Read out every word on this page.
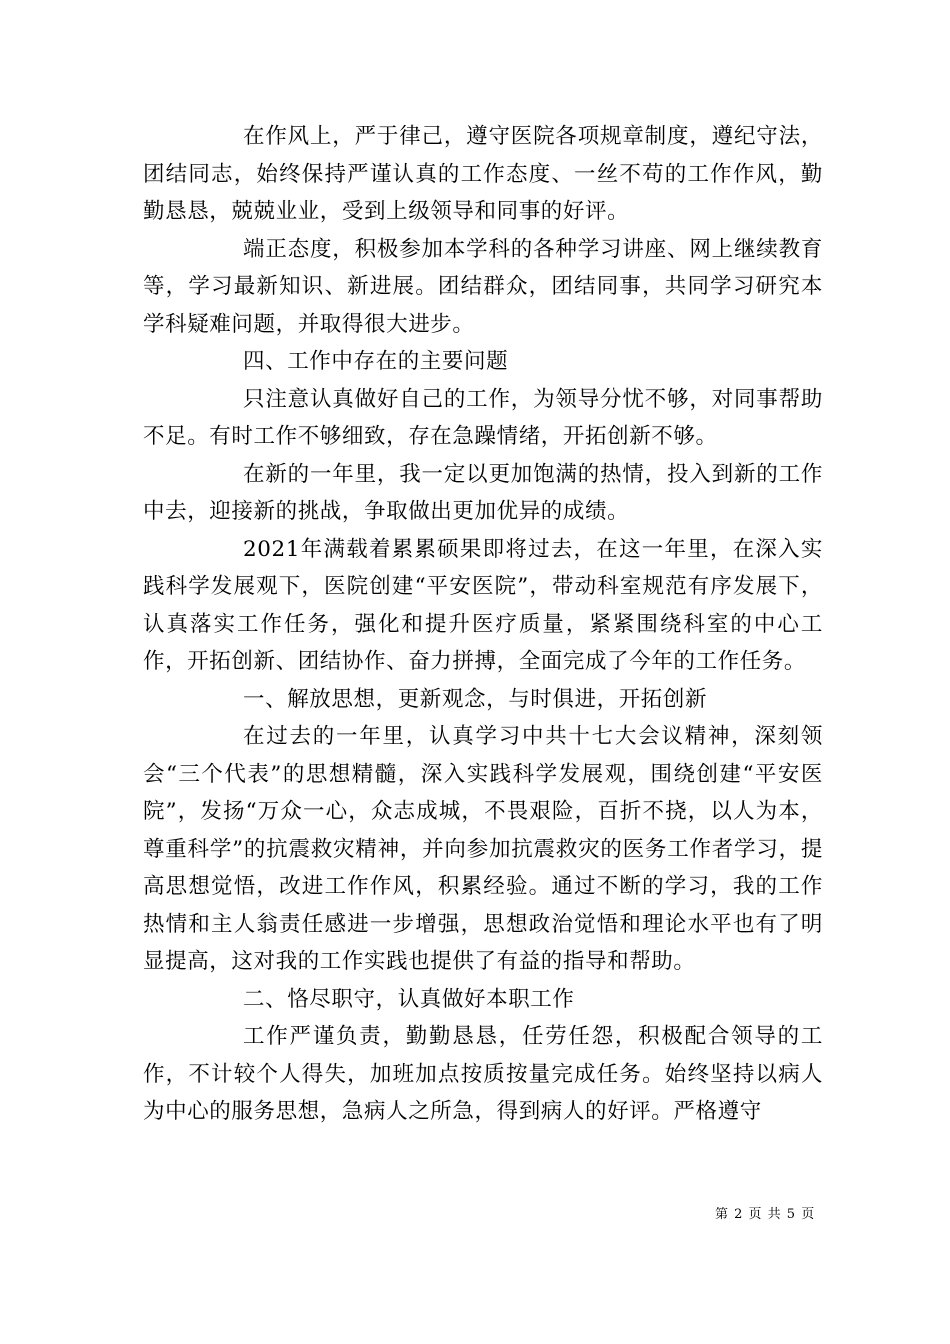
在作风上，严于律己，遵守医院各项规章制度，遵纪守法，团结同志，始终保持严谨认真的工作态度、一丝不苟的工作作风，勤勤恳恳，兢兢业业，受到上级领导和同事的好评。

端正态度，积极参加本学科的各种学习讲座、网上继续教育等，学习最新知识、新进展。团结群众，团结同事，共同学习研究本学科疑难问题，并取得很大进步。

四、工作中存在的主要问题

只注意认真做好自己的工作，为领导分忧不够，对同事帮助不足。有时工作不够细致，存在急躁情绪，开拓创新不够。

在新的一年里，我一定以更加饱满的热情，投入到新的工作中去，迎接新的挑战，争取做出更加优异的成绩。

2021年满载着累累硕果即将过去，在这一年里，在深入实践科学发展观下，医院创建“平安医院”，带动科室规范有序发展下，认真落实工作任务，强化和提升医疗质量，紧紧围绕科室的中心工作，开拓创新、团结协作、奋力拼搏，全面完成了今年的工作任务。

一、解放思想，更新观念，与时俱进，开拓创新

在过去的一年里，认真学习中共十七大会议精神，深刻领会“三个代表”的思想精髓，深入实践科学发展观，围绕创建“平安医院”，发扬“万众一心，众志成城，不畏艰险，百折不挠，以人为本，尊重科学”的抗震救灾精神，并向参加抗震救灾的医务工作者学习，提高思想觉悟，改进工作作风，积累经验。通过不断的学习，我的工作热情和主人翁责任感进一步增强，思想政治觉悟和理论水平也有了明显提高，这对我的工作实践也提供了有益的指导和帮助。

二、恪尽职守，认真做好本职工作

工作严谨负责，勤勤恳恳，任劳任怨，积极配合领导的工作，不计较个人得失，加班加点按质按量完成任务。始终坚持以病人为中心的服务思想，急病人之所急，得到病人的好评。严格遵守

第 2 页 共 5 页
